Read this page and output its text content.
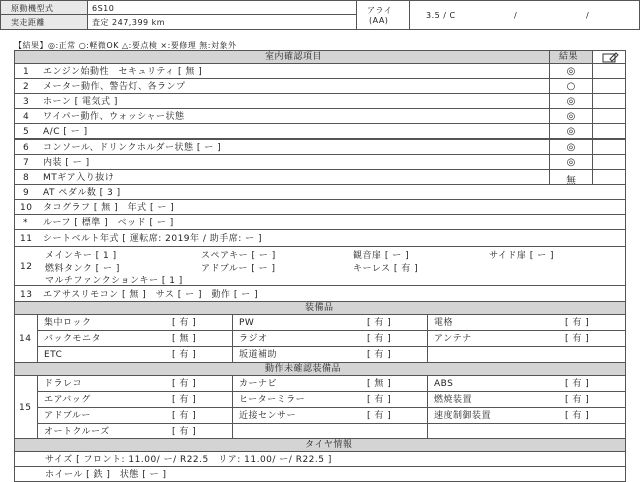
原動機型式	6S10
実走距離	査定 247,399 km
アライ
(AA)
3.5 / C	/	/
【結果】◎:正常 ○:軽微OK △:要点検 ×:要修理 無:対象外
室内確認項目	結果
1 エンジン始動性　セキュリティ [ 無 ]	◎
2 メーター動作、警告灯、各ランプ	○
3 ホーン [ 電気式 ]	◎
4 ワイパー動作、ウォッシャー状態	◎
5 A/C [ ー ]	◎
6 コンソール、ドリンクホルダー状態 [ ー ]	◎
7 内装 [ ー ]	◎
8 MTギア入り抜け	無
9 AT ペダル数 [ 3 ]
10 タコグラフ [ 無 ]　年式 [ ー ]
* ルーフ [ 標準 ]　ベッド [ ー ]
11 シートベルト年式 [ 運転席: 2019年 / 助手席: ー ]
12
メインキー [ 1 ]	スペアキー [ ー ]	観音扉 [ ー ]	サイド扉 [ ー ]
燃料タンク [ ー ]	アドブルー [ ー ]	キーレス [ 有 ]
マルチファンクションキー [ 1 ]
13 エアサスリモコン [ 無 ]　サス [ ー ]　動作 [ ー ]
装備品
14
集中ロック	[ 有 ]	PW	[ 有 ]	電格	[ 有 ]
バックモニタ	[ 無 ]	ラジオ	[ 有 ]	アンテナ	[ 有 ]
ETC	[ 有 ]	坂道補助	[ 有 ]
動作未確認装備品
15
ドラレコ	[ 有 ]	カーナビ	[ 無 ]	ABS	[ 有 ]
エアバッグ	[ 有 ]	ヒーターミラー	[ 有 ]	燃焼装置	[ 有 ]
アドブルー	[ 有 ]	近接センサー	[ 有 ]	速度制御装置	[ 有 ]
オートクルーズ	[ 有 ]
タイヤ情報
サイズ [ フロント: 11.00/ ー/ R22.5　リア: 11.00/ ー/ R22.5 ]
ホイール [ 鉄 ]　状態 [ ー ]
